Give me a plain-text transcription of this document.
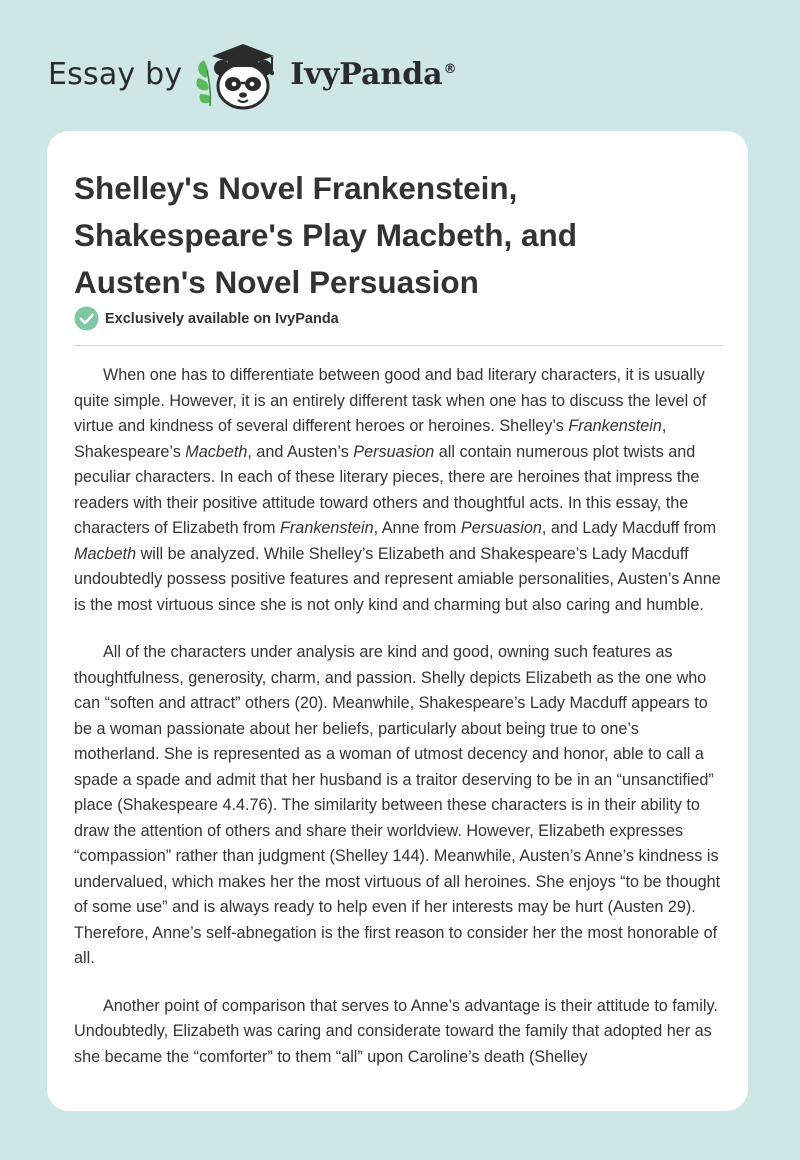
Essay by	IvyPanda®
Shelley's Novel Frankenstein, Shakespeare's Play Macbeth, and Austen's Novel Persuasion
Exclusively available on IvyPanda

When one has to differentiate between good and bad literary characters, it is usually quite simple. However, it is an entirely different task when one has to discuss the level of virtue and kindness of several different heroes or heroines. Shelley’s Frankenstein, Shakespeare’s Macbeth, and Austen’s Persuasion all contain numerous plot twists and peculiar characters. In each of these literary pieces, there are heroines that impress the readers with their positive attitude toward others and thoughtful acts. In this essay, the characters of Elizabeth from Frankenstein, Anne from Persuasion, and Lady Macduff from Macbeth will be analyzed. While Shelley’s Elizabeth and Shakespeare’s Lady Macduff undoubtedly possess positive features and represent amiable personalities, Austen’s Anne is the most virtuous since she is not only kind and charming but also caring and humble.

All of the characters under analysis are kind and good, owning such features as thoughtfulness, generosity, charm, and passion. Shelly depicts Elizabeth as the one who can “soften and attract” others (20). Meanwhile, Shakespeare’s Lady Macduff appears to be a woman passionate about her beliefs, particularly about being true to one’s motherland. She is represented as a woman of utmost decency and honor, able to call a spade a spade and admit that her husband is a traitor deserving to be in an “unsanctified” place (Shakespeare 4.4.76). The similarity between these characters is in their ability to draw the attention of others and share their worldview. However, Elizabeth expresses “compassion” rather than judgment (Shelley 144). Meanwhile, Austen’s Anne’s kindness is undervalued, which makes her the most virtuous of all heroines. She enjoys “to be thought of some use” and is always ready to help even if her interests may be hurt (Austen 29). Therefore, Anne’s self-abnegation is the first reason to consider her the most honorable of all.

Another point of comparison that serves to Anne’s advantage is their attitude to family. Undoubtedly, Elizabeth was caring and considerate toward the family that adopted her as she became the “comforter” to them “all” upon Caroline’s death (Shelley
